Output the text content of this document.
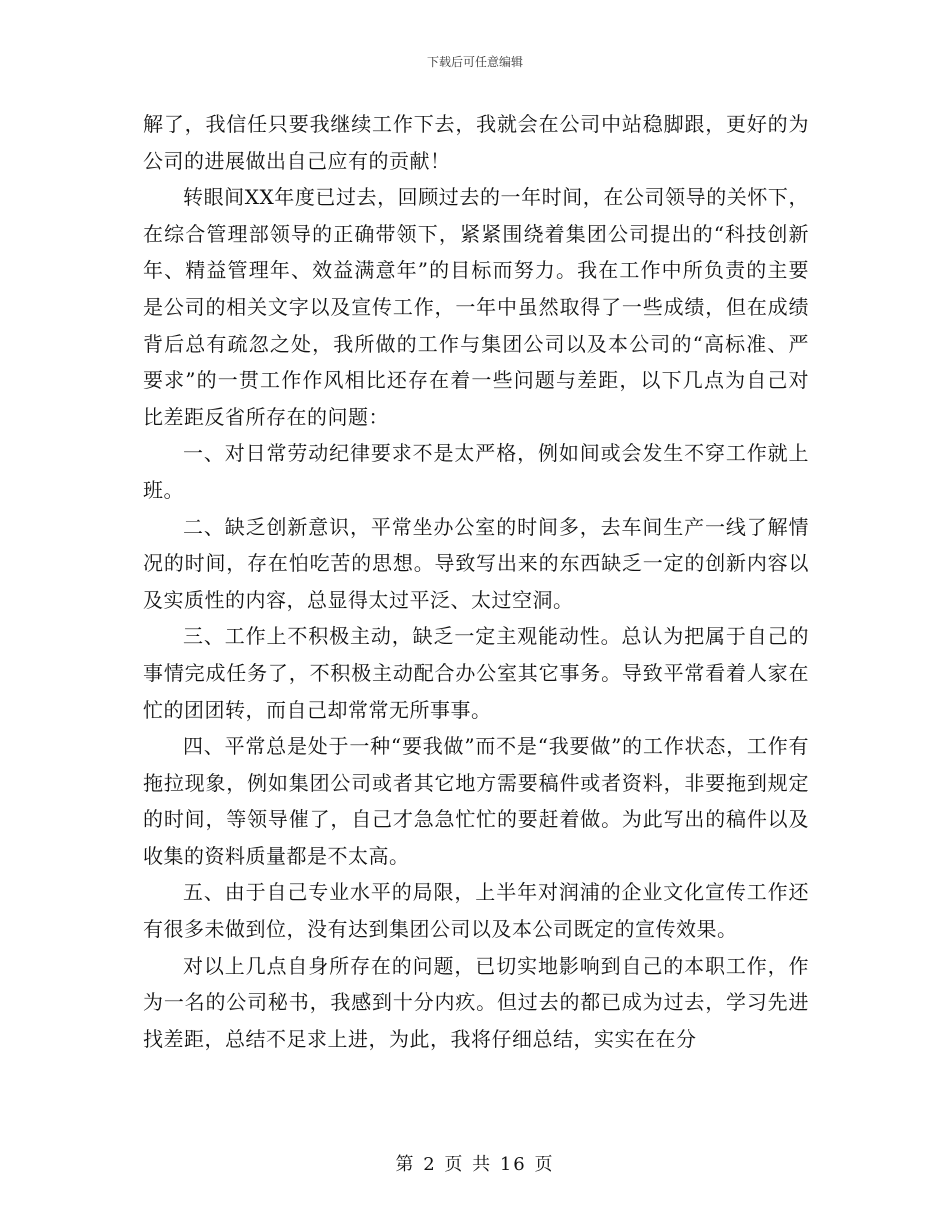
下载后可任意编辑

解了，我信任只要我继续工作下去，我就会在公司中站稳脚跟，更好的为公司的进展做出自己应有的贡献！

转眼间XX年度已过去，回顾过去的一年时间，在公司领导的关怀下，在综合管理部领导的正确带领下，紧紧围绕着集团公司提出的“科技创新年、精益管理年、效益满意年”的目标而努力。我在工作中所负责的主要是公司的相关文字以及宣传工作，一年中虽然取得了一些成绩，但在成绩背后总有疏忽之处，我所做的工作与集团公司以及本公司的“高标准、严要求”的一贯工作作风相比还存在着一些问题与差距，以下几点为自己对比差距反省所存在的问题：

一、对日常劳动纪律要求不是太严格，例如间或会发生不穿工作就上班。

二、缺乏创新意识，平常坐办公室的时间多，去车间生产一线了解情况的时间，存在怕吃苦的思想。导致写出来的东西缺乏一定的创新内容以及实质性的内容，总显得太过平泛、太过空洞。

三、工作上不积极主动，缺乏一定主观能动性。总认为把属于自己的事情完成任务了，不积极主动配合办公室其它事务。导致平常看着人家在忙的团团转，而自己却常常无所事事。

四、平常总是处于一种“要我做”而不是“我要做”的工作状态，工作有拖拉现象，例如集团公司或者其它地方需要稿件或者资料，非要拖到规定的时间，等领导催了，自己才急急忙忙的要赶着做。为此写出的稿件以及收集的资料质量都是不太高。

五、由于自己专业水平的局限，上半年对润浦的企业文化宣传工作还有很多未做到位，没有达到集团公司以及本公司既定的宣传效果。

对以上几点自身所存在的问题，已切实地影响到自己的本职工作，作为一名的公司秘书，我感到十分内疚。但过去的都已成为过去，学习先进找差距，总结不足求上进，为此，我将仔细总结，实实在在分

第 2 页 共 16 页
